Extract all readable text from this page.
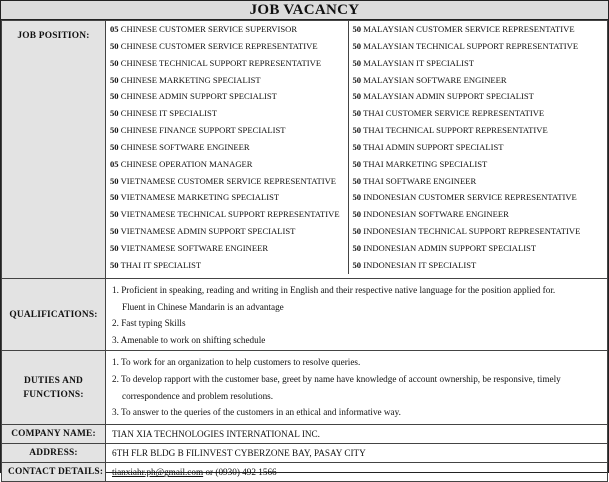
JOB VACANCY
JOB POSITION:	
05 CHINESE CUSTOMER SERVICE SUPERVISOR	50 MALAYSIAN CUSTOMER SERVICE REPRESENTATIVE
50 CHINESE CUSTOMER SERVICE REPRESENTATIVE	50 MALAYSIAN TECHNICAL SUPPORT REPRESENTATIVE
50 CHINESE TECHNICAL SUPPORT REPRESENTATIVE	50 MALAYSIAN IT SPECIALIST
50 CHINESE MARKETING SPECIALIST	50 MALAYSIAN SOFTWARE ENGINEER
50 CHINESE ADMIN SUPPORT SPECIALIST	50 MALAYSIAN ADMIN SUPPORT SPECIALIST
50 CHINESE IT SPECIALIST	50 THAI CUSTOMER SERVICE REPRESENTATIVE
50 CHINESE FINANCE SUPPORT SPECIALIST	50 THAI TECHNICAL SUPPORT REPRESENTATIVE
50 CHINESE SOFTWARE ENGINEER	50 THAI ADMIN SUPPORT SPECIALIST
05 CHINESE OPERATION MANAGER	50 THAI MARKETING SPECIALIST
50 VIETNAMESE CUSTOMER SERVICE REPRESENTATIVE	50 THAI SOFTWARE ENGINEER
50 VIETNAMESE MARKETING SPECIALIST	50 INDONESIAN CUSTOMER SERVICE REPRESENTATIVE
50 VIETNAMESE TECHNICAL SUPPORT REPRESENTATIVE	50 INDONESIAN SOFTWARE ENGINEER
50 VIETNAMESE ADMIN SUPPORT SPECIALIST	50 INDONESIAN TECHNICAL SUPPORT REPRESENTATIVE
50 VIETNAMESE SOFTWARE ENGINEER	50 INDONESIAN ADMIN SUPPORT SPECIALIST
50 THAI IT SPECIALIST	50 INDONESIAN IT SPECIALIST

QUALIFICATIONS:	
1. Proficient in speaking, reading and writing in English and their respective native language for the position applied for.
Fluent in Chinese Mandarin is an advantage
2. Fast typing Skills
3. Amenable to work on shifting schedule

DUTIES AND
FUNCTIONS:

1. To work for an organization to help customers to resolve queries.
2. To develop rapport with the customer base, greet by name have knowledge of account ownership, be responsive, timely
correspondence and problem resolutions.
3. To answer to the queries of the customers in an ethical and informative way.

COMPANY NAME:	TIAN XIA TECHNOLOGIES INTERNATIONAL INC.
ADDRESS:	6TH FLR BLDG B FILINVEST CYBERZONE BAY, PASAY CITY
CONTACT DETAILS:	tianxiahr.ph@gmail.com or (0930) 492 1566
